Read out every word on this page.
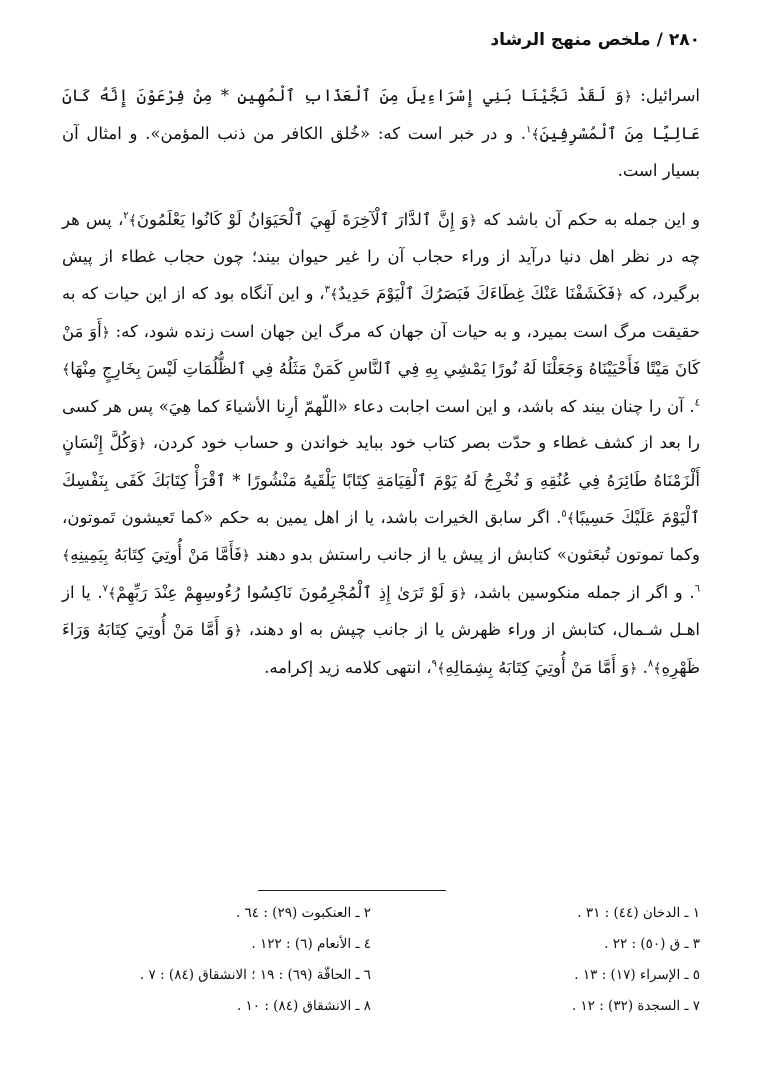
۲۸۰/ملخص منهج الرشاد

اسرائیل: ﴿وَ لَقَدْ نَجَّيْنَا بَنِي إِسْرَاءِيلَ مِنَ ٱلْعَذَابِ ٱلْمُهِينِ * مِنْ فِرْعَوْنَ إِنَّهُ كَانَ عَالِيًا مِنَ ٱلْمُسْرِفِينَ﴾$^۱$. و در خبر است که: «خُلق الكافر من ذنب المؤمن». و امثال آن بسیار است.

و این جمله به حکم آن باشد که ﴿وَ إِنَّ ٱلدَّارَ ٱلْآخِرَةَ لَهِيَ ٱلْحَيَوَانُ لَوْ كَانُوا يَعْلَمُونَ﴾$^۲$، پس هر چه در نظر اهل دنیا درآید از وراء حجاب آن را غیر حیوان بیند؛ چون حجاب غطاء از پیش برگیرد، که ﴿فَكَشَفْنَا عَنْكَ غِطَاءَكَ فَبَصَرُكَ ٱلْيَوْمَ حَدِيدٌ﴾$^۳$، و این آنگاه بود که از این حیات که به حقیقت مرگ است بمیرد، و به حیات آن جهان که مرگ این جهان است زنده شود، که: ﴿أَوَ مَنْ كَانَ مَيْتًا فَأَحْيَيْنَاهُ وَجَعَلْنَا لَهُ نُورًا يَمْشِي بِهِ فِي ٱلنَّاسِ كَمَنْ مَثَلُهُ فِي ٱلظُّلُمَاتِ لَيْسَ بِخَارِجٍ مِنْهَا﴾$^٤$. آن را چنان بیند که باشد، و این است اجابت دعاء «اللّهمّ أرِنا الأشياءَ كما هِيَ» پس هر کسی را بعد از کشف غطاء و حدّت بصر کتاب خود بباید خواندن و حساب خود کردن، ﴿وَكُلَّ إِنْسَانٍ أَلْزَمْنَاهُ طَائِرَهُ فِي عُنُقِهِ وَ نُخْرِجُ لَهُ يَوْمَ ٱلْقِيَامَةِ كِتَابًا يَلْقَيهُ مَنْشُورًا * ٱقْرَأْ كِتَابَكَ كَفَى بِنَفْسِكَ ٱلْيَوْمَ عَلَيْكَ حَسِيبًا﴾$^٥$. اگر سابق الخيرات باشد، یا از اهل یمین به حکم «كما تَعيشون تَموتون، وكما تموتون تُبعَثون» کتابش از پیش یا از جانب راستش بدو دهند ﴿فَأَمَّا مَنْ أُوتِيَ كِتَابَهُ بِيَمِينِهِ﴾$^٦$. و اگر از جمله منکوسین باشد، ﴿وَ لَوْ تَرَىٰ إِذِ ٱلْمُجْرِمُونَ نَاكِسُوا رُءُوسِهِمْ عِنْدَ رَبِّهِمْ﴾$^۷$. یا از اهـل شـمال، کتابش از وراء ظهرش یا از جانب چپش به او دهند، ﴿وَ أَمَّا مَنْ أُوتِيَ كِتَابَهُ وَرَاءَ ظَهْرِهِ﴾$^۸$. ﴿وَ أَمَّا مَنْ أُوتِيَ كِتَابَهُ بِشِمَالِهِ﴾$^۹$، انتهى كلامه زيد إكرامه.

۱ ـ الدخان (٤٤) : ۳۱ .
۲ ـ العنكبوت (۲۹) : ٦٤ .
۳ ـ ق (٥۰) : ۲۲ .
٤ ـ الأنعام (٦) : ۱۲۲ .
٥ ـ الإسراء (۱۷) : ۱۳ .
٦ ـ الحاقّة (٦۹) : ۱۹ ؛ الانشقاق (٨٤) : ۷ .
۷ ـ السجدة (۳۲) : ۱۲ .
٨ ـ الانشقاق (٨٤) : ۱۰ .
